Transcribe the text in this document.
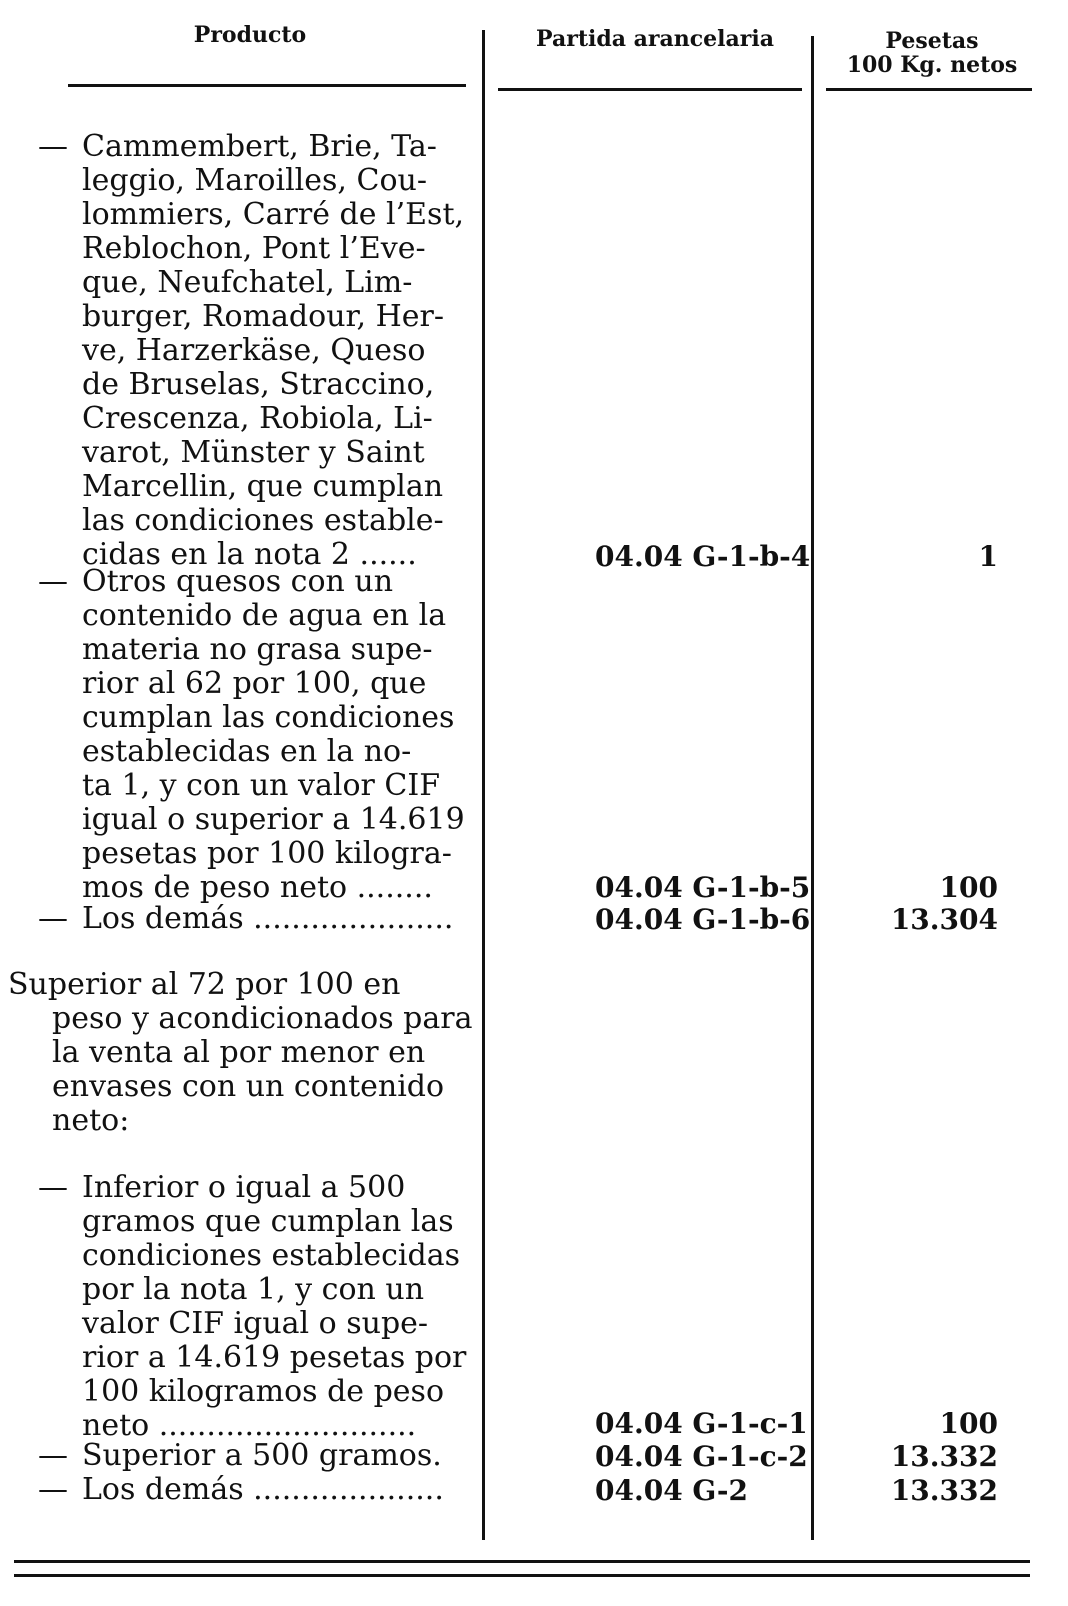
Producto	Partida arancelaria	Pesetas
100 Kg. netos
— Cammembert, Brie, Ta-
leggio, Maroilles, Cou-
lommiers, Carré de l’Est,
Reblochon, Pont l’Eve-
que, Neufchatel, Lim-
burger, Romadour, Her-
ve, Harzerkäse, Queso
de Bruselas, Straccino,
Crescenza, Robiola, Li-
varot, Münster y Saint
Marcellin, que cumplan
las condiciones estable-
cidas en la nota 2 ......	04.04 G-1-b-4	1
— Otros quesos con un
contenido de agua en la
materia no grasa supe-
rior al 62 por 100, que
cumplan las condiciones
establecidas en la no-
ta 1, y con un valor CIF
igual o superior a 14.619
pesetas por 100 kilogra-
mos de peso neto ........	04.04 G-1-b-5	100
— Los demás .....................	04.04 G-1-b-6	13.304
Superior al 72 por 100 en
peso y acondicionados para
la venta al por menor en
envases con un contenido
neto:
— Inferior o igual a 500
gramos que cumplan las
condiciones establecidas
por la nota 1, y con un
valor CIF igual o supe-
rior a 14.619 pesetas por
100 kilogramos de peso
neto ...........................	04.04 G-1-c-1	100
— Superior a 500 gramos.	04.04 G-1-c-2	13.332
— Los demás ....................	04.04 G-2	13.332
